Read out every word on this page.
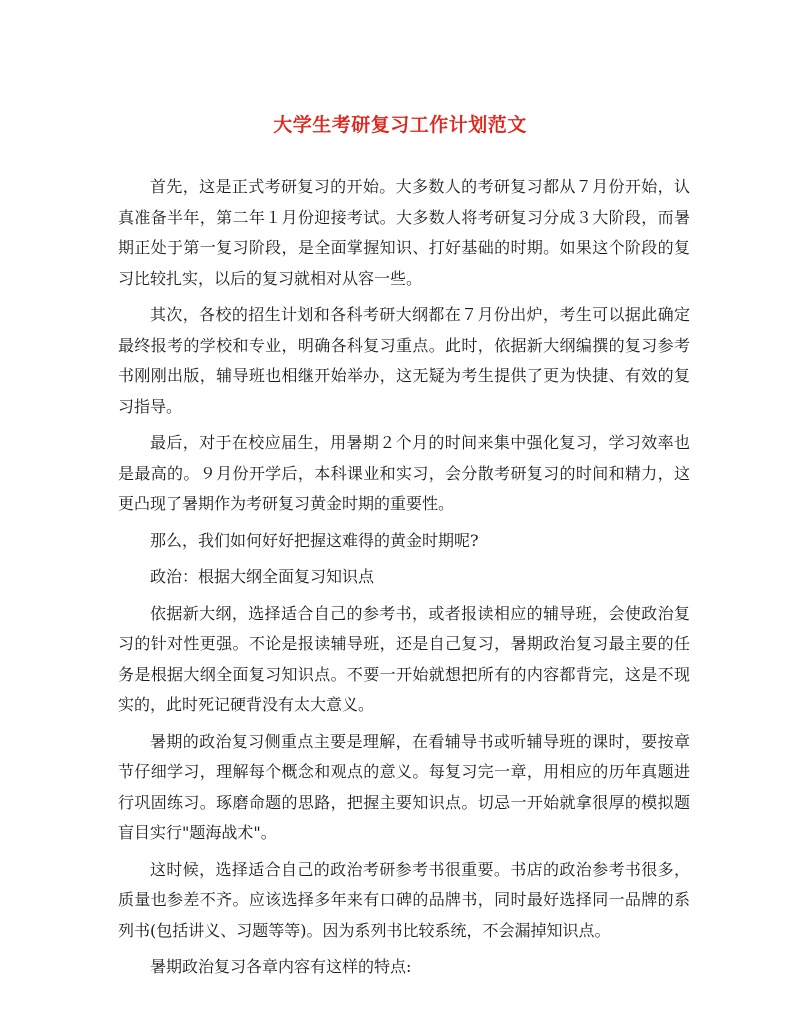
大学生考研复习工作计划范文

首先，这是正式考研复习的开始。大多数人的考研复习都从７月份开始，认真准备半年，第二年１月份迎接考试。大多数人将考研复习分成３大阶段，而暑期正处于第一复习阶段，是全面掌握知识、打好基础的时期。如果这个阶段的复习比较扎实，以后的复习就相对从容一些。

其次，各校的招生计划和各科考研大纲都在７月份出炉，考生可以据此确定最终报考的学校和专业，明确各科复习重点。此时，依据新大纲编撰的复习参考书刚刚出版，辅导班也相继开始举办，这无疑为考生提供了更为快捷、有效的复习指导。

最后，对于在校应届生，用暑期２个月的时间来集中强化复习，学习效率也是最高的。９月份开学后，本科课业和实习，会分散考研复习的时间和精力，这更凸现了暑期作为考研复习黄金时期的重要性。

那么，我们如何好好把握这难得的黄金时期呢?

政治：根据大纲全面复习知识点

依据新大纲，选择适合自己的参考书，或者报读相应的辅导班，会使政治复习的针对性更强。不论是报读辅导班，还是自己复习，暑期政治复习最主要的任务是根据大纲全面复习知识点。不要一开始就想把所有的内容都背完，这是不现实的，此时死记硬背没有太大意义。

暑期的政治复习侧重点主要是理解，在看辅导书或听辅导班的课时，要按章节仔细学习，理解每个概念和观点的意义。每复习完一章，用相应的历年真题进行巩固练习。琢磨命题的思路，把握主要知识点。切忌一开始就拿很厚的模拟题盲目实行"题海战术"。

这时候，选择适合自己的政治考研参考书很重要。书店的政治参考书很多，质量也参差不齐。应该选择多年来有口碑的品牌书，同时最好选择同一品牌的系列书(包括讲义、习题等等)。因为系列书比较系统，不会漏掉知识点。

暑期政治复习各章内容有这样的特点:
